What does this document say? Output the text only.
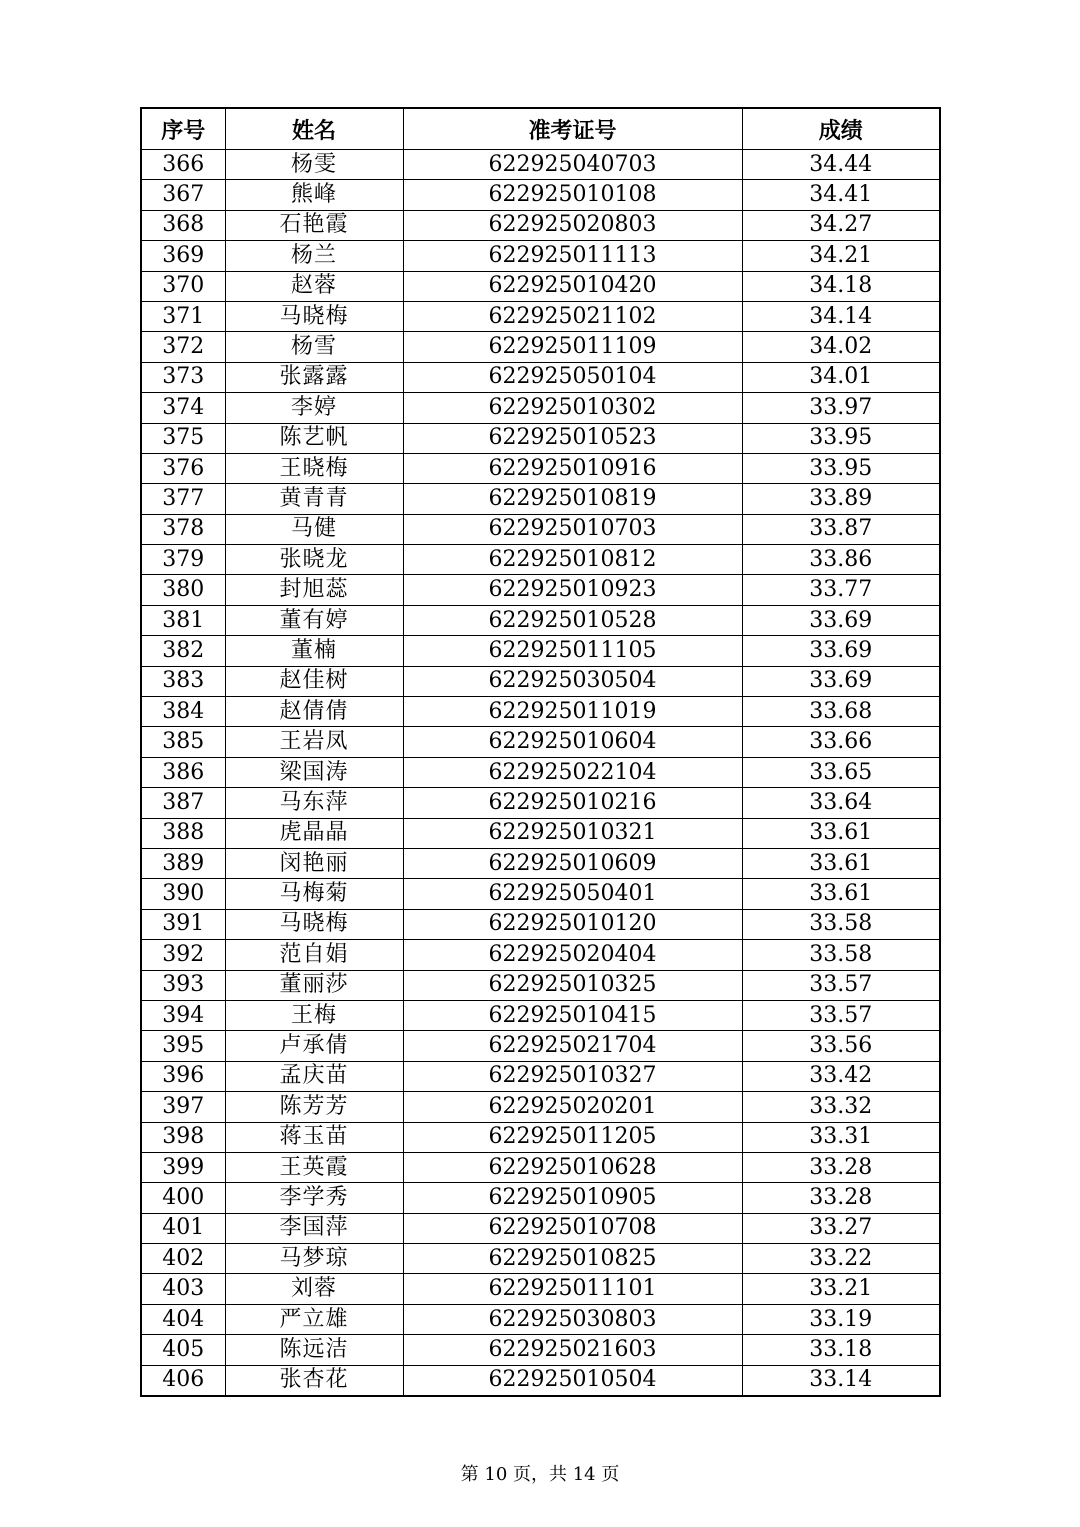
序号	姓名	准考证号	成绩
366	杨雯	622925040703	34.44
367	熊峰	622925010108	34.41
368	石艳霞	622925020803	34.27
369	杨兰	622925011113	34.21
370	赵蓉	622925010420	34.18
371	马晓梅	622925021102	34.14
372	杨雪	622925011109	34.02
373	张露露	622925050104	34.01
374	李婷	622925010302	33.97
375	陈艺帆	622925010523	33.95
376	王晓梅	622925010916	33.95
377	黄青青	622925010819	33.89
378	马健	622925010703	33.87
379	张晓龙	622925010812	33.86
380	封旭蕊	622925010923	33.77
381	董有婷	622925010528	33.69
382	董楠	622925011105	33.69
383	赵佳树	622925030504	33.69
384	赵倩倩	622925011019	33.68
385	王岩凤	622925010604	33.66
386	梁国涛	622925022104	33.65
387	马东萍	622925010216	33.64
388	虎晶晶	622925010321	33.61
389	闵艳丽	622925010609	33.61
390	马梅菊	622925050401	33.61
391	马晓梅	622925010120	33.58
392	范自娟	622925020404	33.58
393	董丽莎	622925010325	33.57
394	王梅	622925010415	33.57
395	卢承倩	622925021704	33.56
396	孟庆苗	622925010327	33.42
397	陈芳芳	622925020201	33.32
398	蒋玉苗	622925011205	33.31
399	王英霞	622925010628	33.28
400	李学秀	622925010905	33.28
401	李国萍	622925010708	33.27
402	马梦琼	622925010825	33.22
403	刘蓉	622925011101	33.21
404	严立雄	622925030803	33.19
405	陈远洁	622925021603	33.18
406	张杏花	622925010504	33.14
第 10 页，共 14 页
